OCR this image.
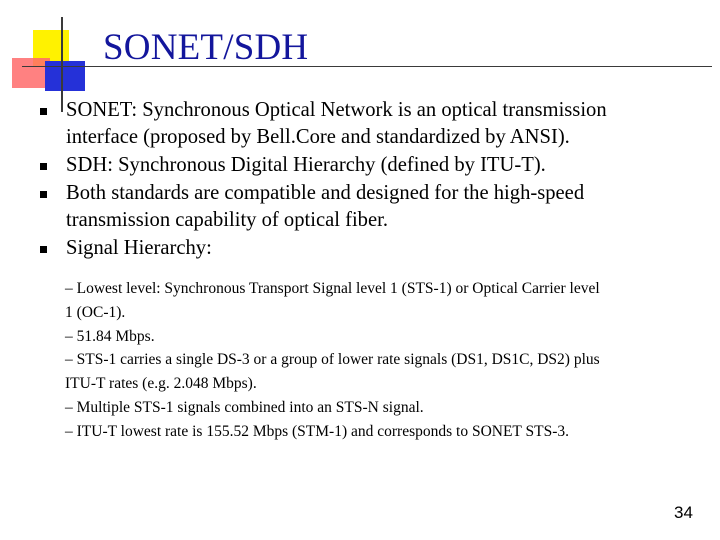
SONET/SDH
SONET: Synchronous Optical Network is an optical transmission
interface (proposed by Bell.Core and standardized by ANSI).
SDH: Synchronous Digital Hierarchy (defined by ITU-T).
Both standards are compatible and designed for the high-speed
transmission capability of optical fiber.
Signal Hierarchy:
– Lowest level: Synchronous Transport Signal level 1 (STS-1) or Optical Carrier level
1 (OC-1).
– 51.84 Mbps.
– STS-1 carries a single DS-3 or a group of lower rate signals (DS1, DS1C, DS2) plus
ITU-T rates (e.g. 2.048 Mbps).
– Multiple STS-1 signals combined into an STS-N signal.
– ITU-T lowest rate is 155.52 Mbps (STM-1) and corresponds to SONET STS-3.
34
